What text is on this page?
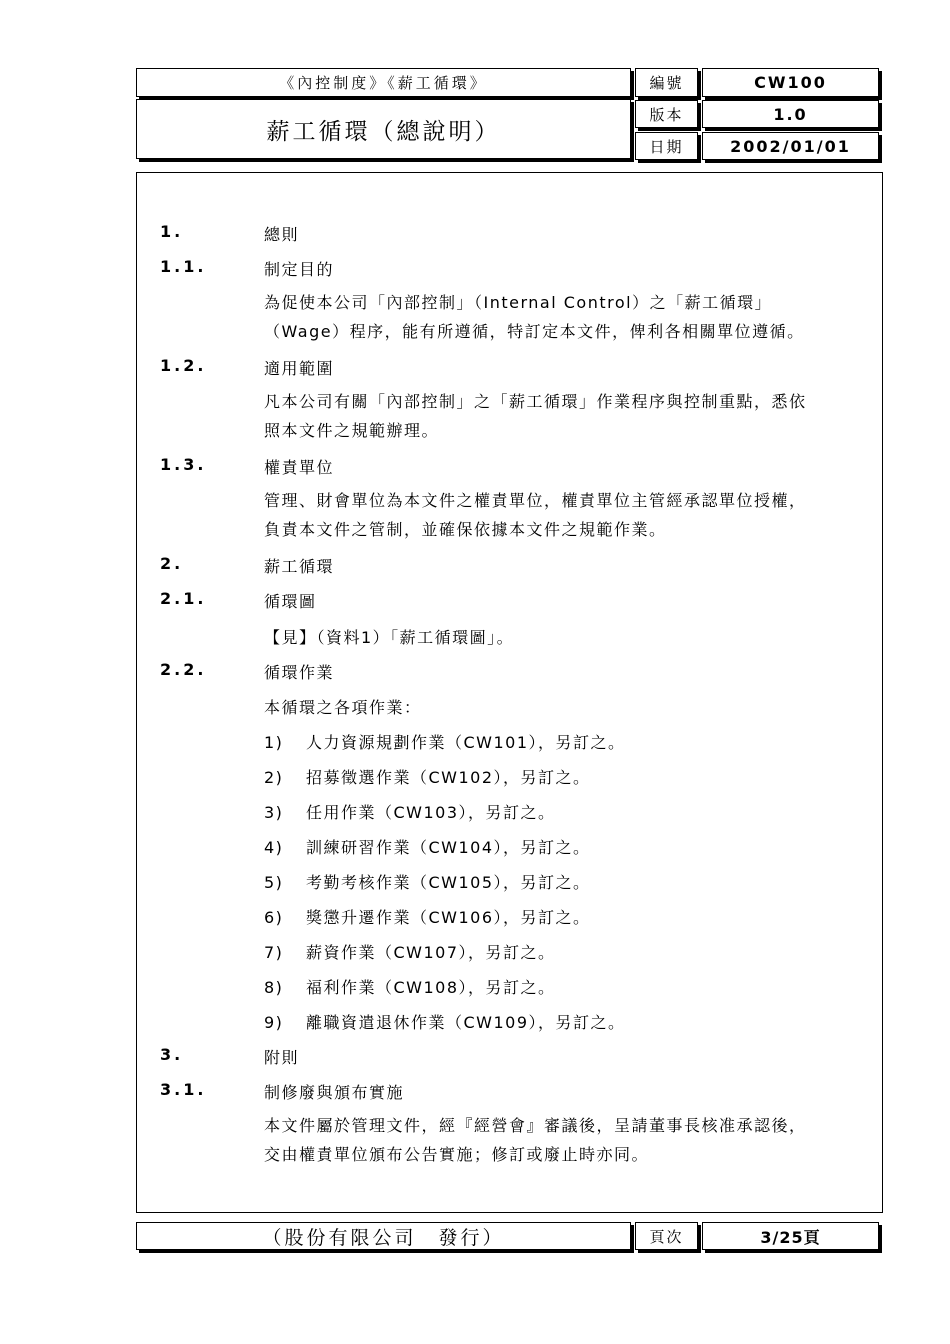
《內控制度》《薪工循環》
薪工循環（總說明）
編號	CW100
版本	1.0
日期	2002/01/01
1.	總則
1.1.	制定目的
為促使本公司「內部控制」（Internal Control）之「薪工循環」
（Wage）程序，能有所遵循，特訂定本文件，俾利各相關單位遵循。
1.2.	適用範圍
凡本公司有關「內部控制」之「薪工循環」作業程序與控制重點，悉依
照本文件之規範辦理。
1.3.	權責單位
管理、財會單位為本文件之權責單位，權責單位主管經承認單位授權，
負責本文件之管制，並確保依據本文件之規範作業。
2.	薪工循環
2.1.	循環圖
【見】（資料1）「薪工循環圖」。
2.2.	循環作業
本循環之各項作業：
1) 人力資源規劃作業（CW101），另訂之。
2) 招募徵選作業（CW102），另訂之。
3) 任用作業（CW103），另訂之。
4) 訓練研習作業（CW104），另訂之。
5) 考勤考核作業（CW105），另訂之。
6) 獎懲升遷作業（CW106），另訂之。
7) 薪資作業（CW107），另訂之。
8) 福利作業（CW108），另訂之。
9) 離職資遣退休作業（CW109），另訂之。
3.	附則
3.1.	制修廢與頒布實施
本文件屬於管理文件，經『經營會』審議後，呈請董事長核准承認後，
交由權責單位頒布公告實施；修訂或廢止時亦同。
（股份有限公司　發行）	頁次	3/25頁
